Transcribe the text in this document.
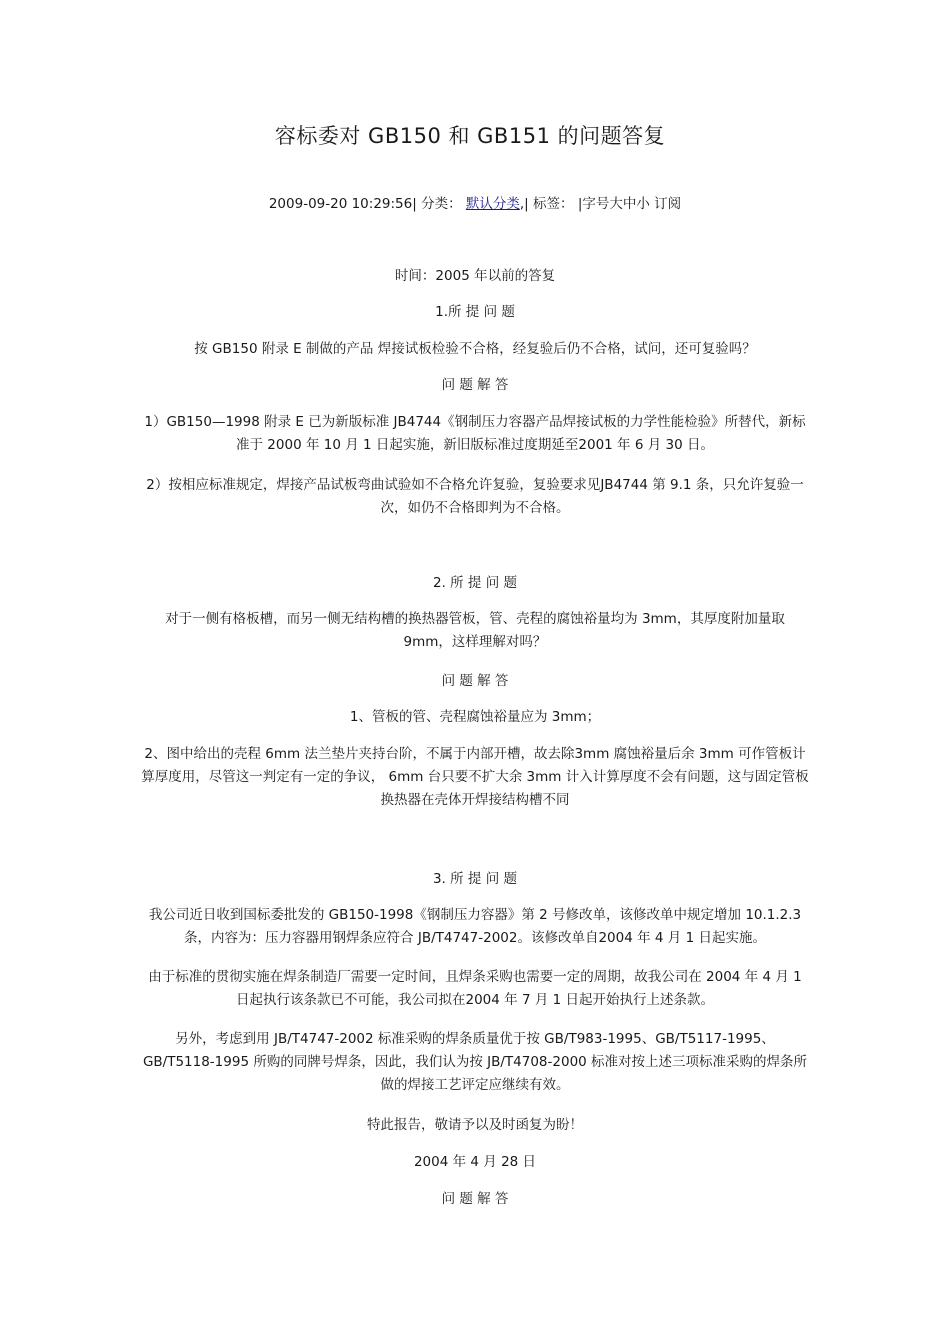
容标委对 GB150 和 GB151 的问题答复
2009-09-20 10:29:56| 分类： 默认分类,| 标签： |字号大中小 订阅

时间：2005 年以前的答复

1.所 提 问 题

按 GB150 附录 E 制做的产品 焊接试板检验不合格，经复验后仍不合格，试问，还可复验吗？

问 题 解 答

1）GB150—1998 附录 E 已为新版标准 JB4744《钢制压力容器产品焊接试板的力学性能检验》所替代，新标准于 2000 年 10 月 1 日起实施，新旧版标准过度期延至2001 年 6 月 30 日。

2）按相应标准规定，焊接产品试板弯曲试验如不合格允许复验，复验要求见JB4744 第 9.1 条，只允许复验一次，如仍不合格即判为不合格。

2. 所 提 问 题

对于一侧有格板槽，而另一侧无结构槽的换热器管板，管、壳程的腐蚀裕量均为 3mm，其厚度附加量取 9mm，这样理解对吗？

问 题 解 答

1、管板的管、壳程腐蚀裕量应为 3mm；

2、图中给出的壳程 6mm 法兰垫片夹持台阶，不属于内部开槽，故去除3mm 腐蚀裕量后余 3mm 可作管板计算厚度用，尽管这一判定有一定的争议， 6mm 台只要不扩大余 3mm 计入计算厚度不会有问题，这与固定管板换热器在壳体开焊接结构槽不同

3. 所 提 问 题

我公司近日收到国标委批发的 GB150-1998《钢制压力容器》第 2 号修改单，该修改单中规定增加 10.1.2.3 条，内容为：压力容器用钢焊条应符合 JB/T4747-2002。该修改单自2004 年 4 月 1 日起实施。

由于标准的贯彻实施在焊条制造厂需要一定时间，且焊条采购也需要一定的周期，故我公司在 2004 年 4 月 1 日起执行该条款已不可能，我公司拟在2004 年 7 月 1 日起开始执行上述条款。

另外，考虑到用 JB/T4747-2002 标准采购的焊条质量优于按 GB/T983-1995、GB/T5117-1995、GB/T5118-1995 所购的同牌号焊条，因此，我们认为按 JB/T4708-2000 标准对按上述三项标准采购的焊条所做的焊接工艺评定应继续有效。

特此报告，敬请予以及时函复为盼！

2004 年 4 月 28 日

问 题 解 答
